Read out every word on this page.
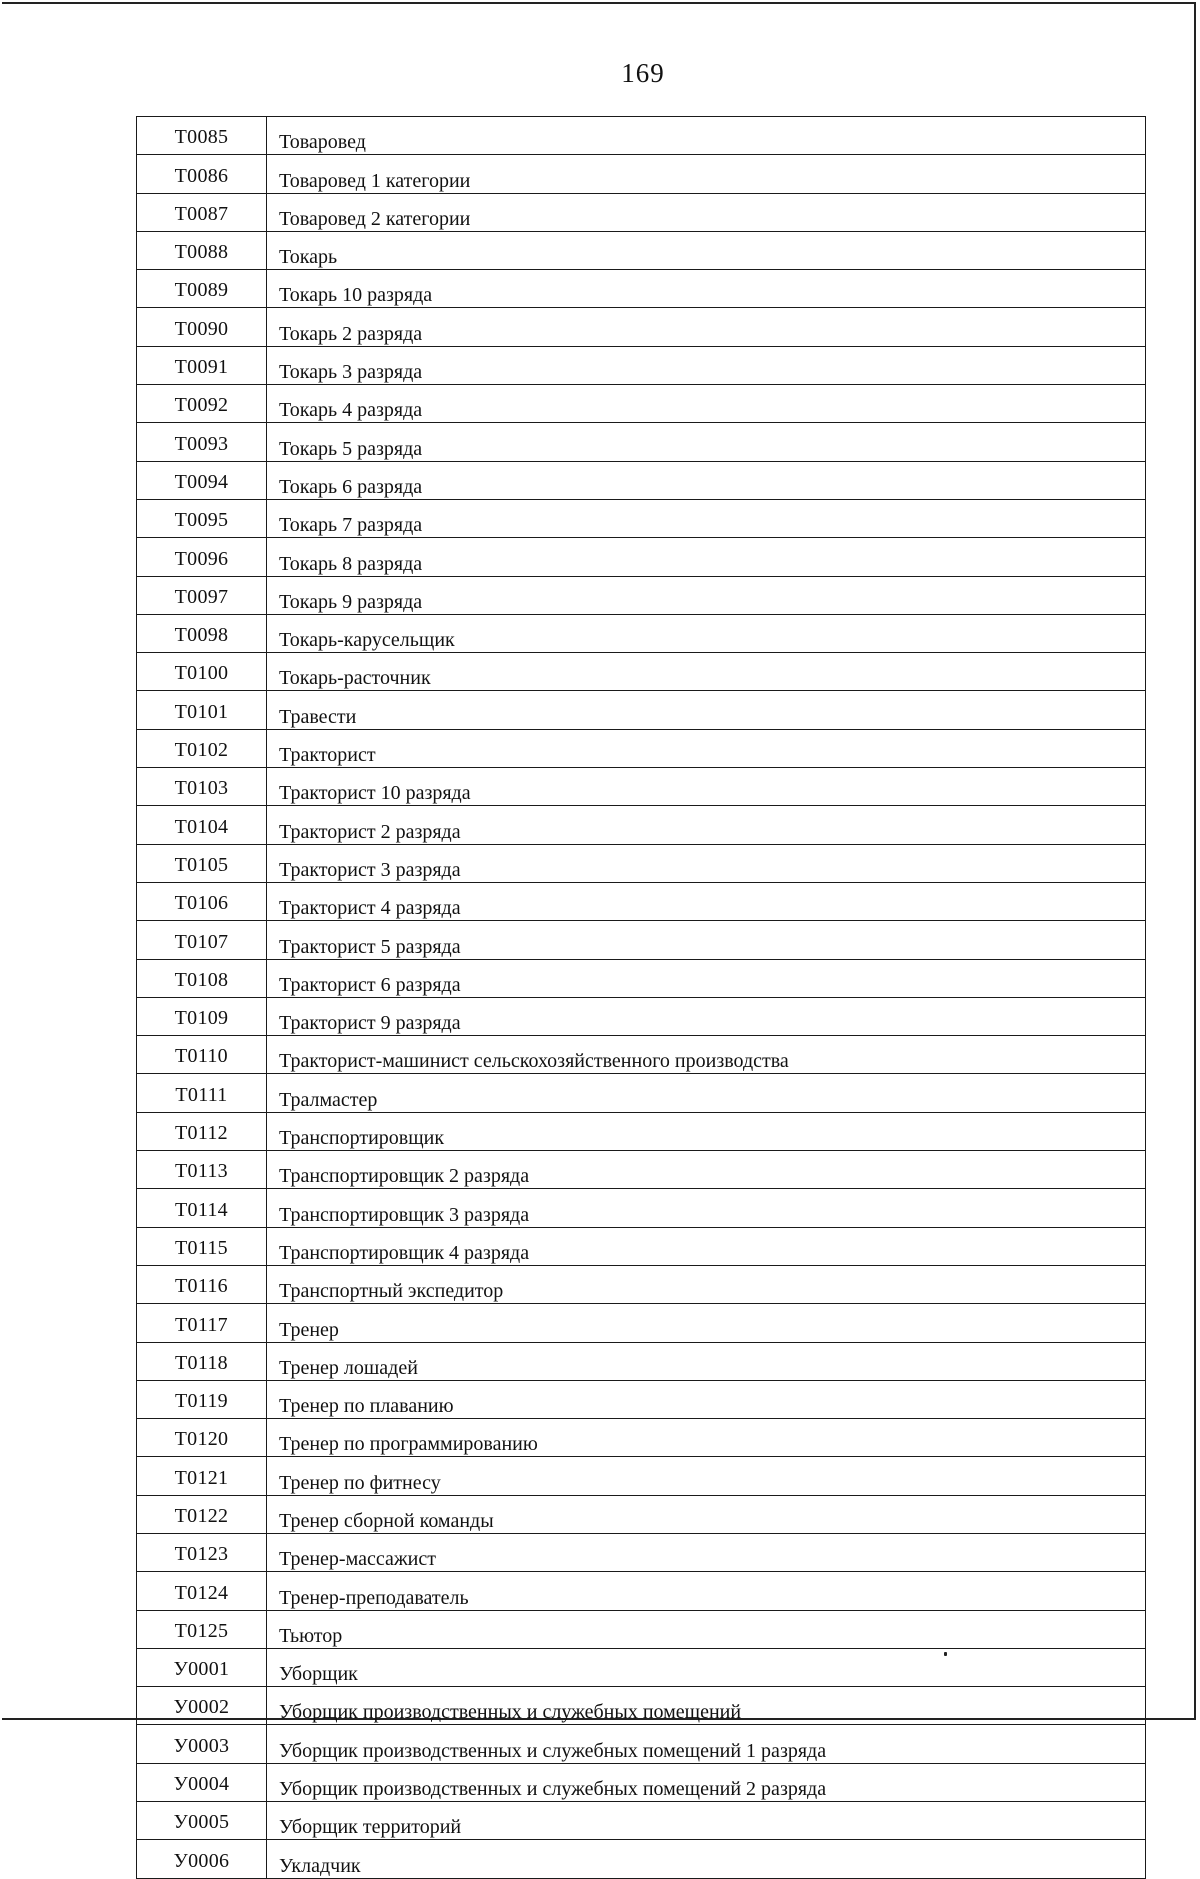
169
Т0085	Товаровед
Т0086	Товаровед 1 категории
Т0087	Товаровед 2 категории
Т0088	Токарь
Т0089	Токарь 10 разряда
Т0090	Токарь 2 разряда
Т0091	Токарь 3 разряда
Т0092	Токарь 4 разряда
Т0093	Токарь 5 разряда
Т0094	Токарь 6 разряда
Т0095	Токарь 7 разряда
Т0096	Токарь 8 разряда
Т0097	Токарь 9 разряда
Т0098	Токарь-карусельщик
Т0100	Токарь-расточник
Т0101	Травести
Т0102	Тракторист
Т0103	Тракторист 10 разряда
Т0104	Тракторист 2 разряда
Т0105	Тракторист 3 разряда
Т0106	Тракторист 4 разряда
Т0107	Тракторист 5 разряда
Т0108	Тракторист 6 разряда
Т0109	Тракторист 9 разряда
Т0110	Тракторист-машинист сельскохозяйственного производства
Т0111	Тралмастер
Т0112	Транспортировщик
Т0113	Транспортировщик 2 разряда
Т0114	Транспортировщик 3 разряда
Т0115	Транспортировщик 4 разряда
Т0116	Транспортный экспедитор
Т0117	Тренер
Т0118	Тренер лошадей
Т0119	Тренер по плаванию
Т0120	Тренер по программированию
Т0121	Тренер по фитнесу
Т0122	Тренер сборной команды
Т0123	Тренер-массажист
Т0124	Тренер-преподаватель
Т0125	Тьютор
У0001	Уборщик
У0002	Уборщик производственных и служебных помещений
У0003	Уборщик производственных и служебных помещений 1 разряда
У0004	Уборщик производственных и служебных помещений 2 разряда
У0005	Уборщик территорий
У0006	Укладчик
